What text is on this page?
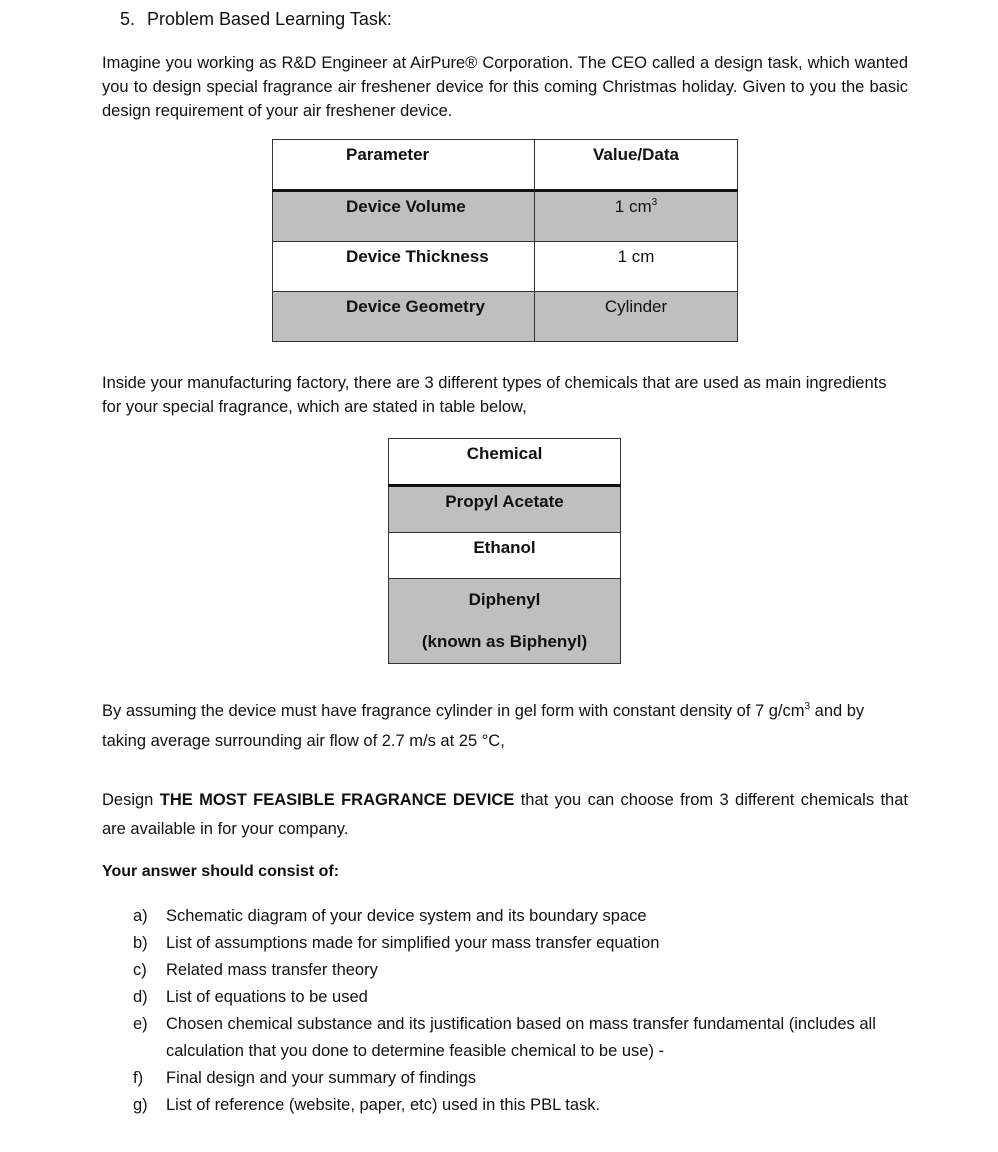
5. Problem Based Learning Task:
Imagine you working as R&D Engineer at AirPure® Corporation. The CEO called a design task, which wanted you to design special fragrance air freshener device for this coming Christmas holiday. Given to you the basic design requirement of your air freshener device.
Parameter	Value/Data
Device Volume	1 $cm^3$
Device Thickness	1 cm
Device Geometry	Cylinder
Inside your manufacturing factory, there are 3 different types of chemicals that are used as main ingredients for your special fragrance, which are stated in table below,
Chemical
Propyl Acetate
Ethanol

Diphenyl
(known as Biphenyl)
By assuming the device must have fragrance cylinder in gel form with constant density of 7 $g/cm^3$ and by taking average surrounding air flow of 2.7 m/s at 25 °C,
Design THE MOST FEASIBLE FRAGRANCE DEVICE that you can choose from 3 different chemicals that are available in for your company.
Your answer should consist of:
a)	Schematic diagram of your device system and its boundary space
b)	List of assumptions made for simplified your mass transfer equation
c)	Related mass transfer theory
d)	List of equations to be used
e)	Chosen chemical substance and its justification based on mass transfer fundamental (includes all calculation that you done to determine feasible chemical to be use) -
f)	Final design and your summary of findings
g)	List of reference (website, paper, etc) used in this PBL task.
